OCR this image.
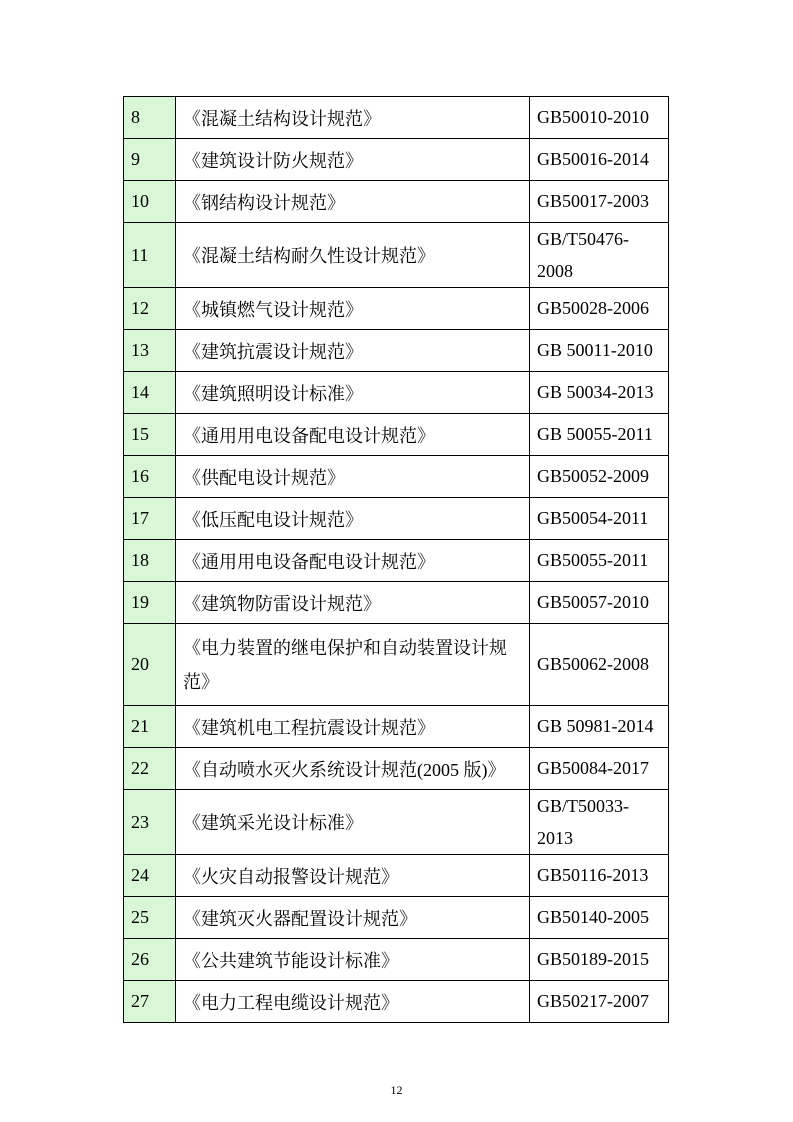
8	《混凝土结构设计规范》	GB50010-2010
9	《建筑设计防火规范》	GB50016-2014
10	《钢结构设计规范》	GB50017-2003
11	《混凝土结构耐久性设计规范》	GB/T50476-2008
12	《城镇燃气设计规范》	GB50028-2006
13	《建筑抗震设计规范》	GB 50011-2010
14	《建筑照明设计标准》	GB 50034-2013
15	《通用用电设备配电设计规范》	GB 50055-2011
16	《供配电设计规范》	GB50052-2009
17	《低压配电设计规范》	GB50054-2011
18	《通用用电设备配电设计规范》	GB50055-2011
19	《建筑物防雷设计规范》	GB50057-2010
20	《电力装置的继电保护和自动装置设计规范》	GB50062-2008
21	《建筑机电工程抗震设计规范》	GB 50981-2014
22	《自动喷水灭火系统设计规范(2005 版)》	GB50084-2017
23	《建筑采光设计标准》	GB/T50033-2013
24	《火灾自动报警设计规范》	GB50116-2013
25	《建筑灭火器配置设计规范》	GB50140-2005
26	《公共建筑节能设计标准》	GB50189-2015
27	《电力工程电缆设计规范》	GB50217-2007
12
